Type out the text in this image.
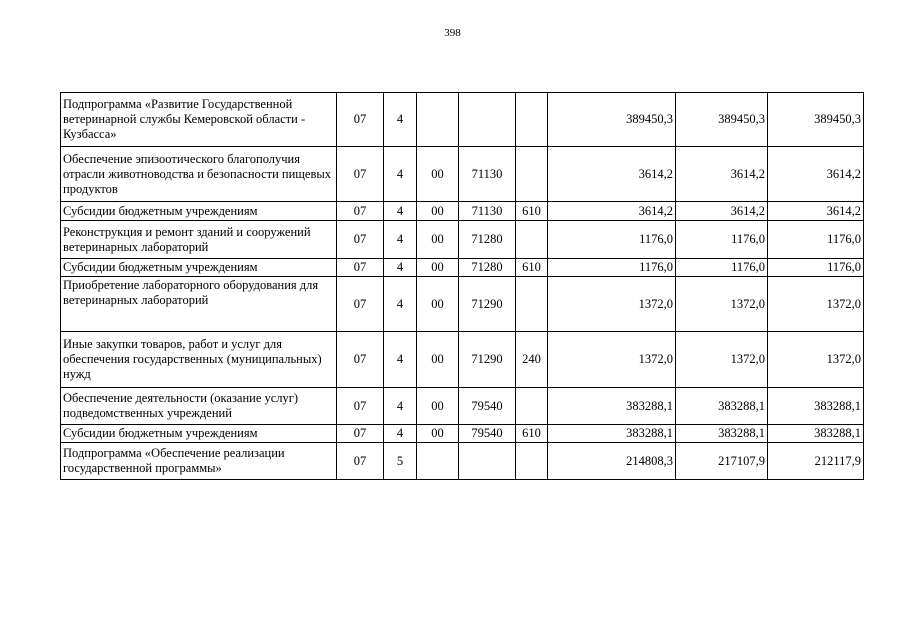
398
Подпрограмма «Развитие Государственной ветеринарной службы Кемеровской области - Кузбасса»	07	4				389450,3	389450,3	389450,3
Обеспечение эпизоотического благополучия отрасли животноводства и безопасности пищевых продуктов	07	4	00	71130		3614,2	3614,2	3614,2
Субсидии бюджетным учреждениям	07	4	00	71130	610	3614,2	3614,2	3614,2
Реконструкция и ремонт зданий и сооружений ветеринарных лабораторий	07	4	00	71280		1176,0	1176,0	1176,0
Субсидии бюджетным учреждениям	07	4	00	71280	610	1176,0	1176,0	1176,0
Приобретение лабораторного оборудования для ветеринарных лабораторий	07	4	00	71290		1372,0	1372,0	1372,0
Иные закупки товаров, работ и услуг для обеспечения государственных (муниципальных) нужд	07	4	00	71290	240	1372,0	1372,0	1372,0
Обеспечение деятельности (оказание услуг) подведомственных учреждений	07	4	00	79540		383288,1	383288,1	383288,1
Субсидии бюджетным учреждениям	07	4	00	79540	610	383288,1	383288,1	383288,1
Подпрограмма «Обеспечение реализации государственной программы»	07	5				214808,3	217107,9	212117,9
